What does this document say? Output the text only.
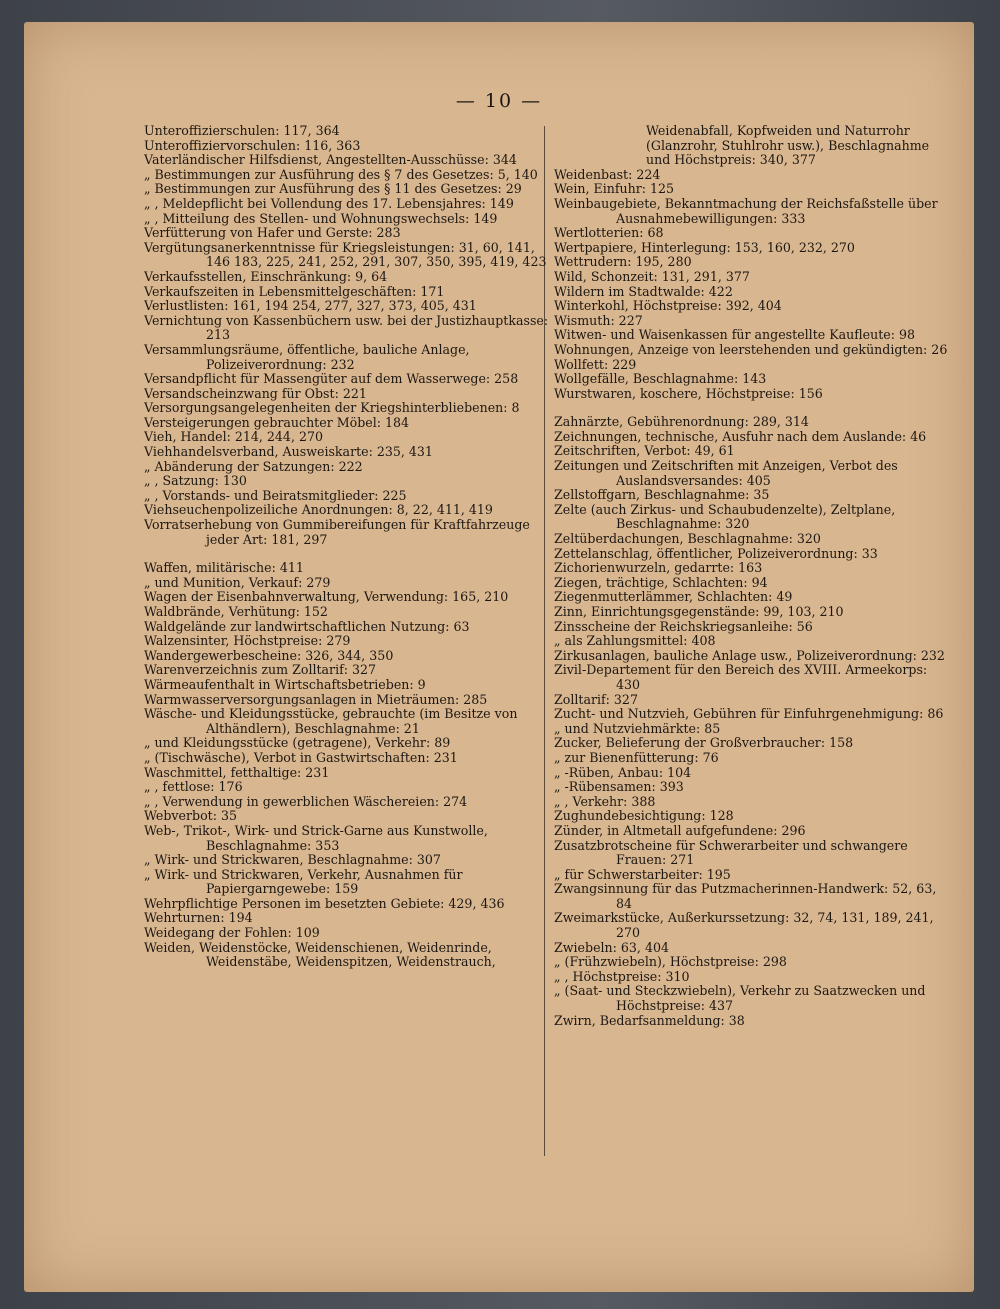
— 10 —

Unteroffizierschulen: 117, 364

Unteroffiziervorschulen: 116, 363

Vaterländischer Hilfsdienst, Angestellten-Ausschüsse: 344

„ Bestimmungen zur Ausführung des § 7 des Gesetzes: 5, 140

„ Bestimmungen zur Ausführung des § 11 des Gesetzes: 29

„ , Meldepflicht bei Vollendung des 17. Lebensjahres: 149

„ , Mitteilung des Stellen- und Wohnungswechsels: 149

Verfütterung von Hafer und Gerste: 283

Vergütungsanerkenntnisse für Kriegsleistungen: 31, 60, 141, 146 183, 225, 241, 252, 291, 307, 350, 395, 419, 423

Verkaufsstellen, Einschränkung: 9, 64

Verkaufszeiten in Lebensmittelgeschäften: 171

Verlustlisten: 161, 194 254, 277, 327, 373, 405, 431

Vernichtung von Kassenbüchern usw. bei der Justizhauptkasse: 213

Versammlungsräume, öffentliche, bauliche Anlage, Polizeiverordnung: 232

Versandpflicht für Massengüter auf dem Wasserwege: 258

Versandscheinzwang für Obst: 221

Versorgungsangelegenheiten der Kriegshinterbliebenen: 8

Versteigerungen gebrauchter Möbel: 184

Vieh, Handel: 214, 244, 270

Viehhandelsverband, Ausweiskarte: 235, 431

„ Abänderung der Satzungen: 222

„ , Satzung: 130

„ , Vorstands- und Beiratsmitglieder: 225

Viehseuchenpolizeiliche Anordnungen: 8, 22, 411, 419

Vorratserhebung von Gummibereifungen für Kraftfahrzeuge jeder Art: 181, 297

Waffen, militärische: 411

„ und Munition, Verkauf: 279

Wagen der Eisenbahnverwaltung, Verwendung: 165, 210

Waldbrände, Verhütung: 152

Waldgelände zur landwirtschaftlichen Nutzung: 63

Walzensinter, Höchstpreise: 279

Wandergewerbescheine: 326, 344, 350

Warenverzeichnis zum Zolltarif: 327

Wärmeaufenthalt in Wirtschaftsbetrieben: 9

Warmwasserversorgungsanlagen in Mieträumen: 285

Wäsche- und Kleidungsstücke, gebrauchte (im Besitze von Althändlern), Beschlagnahme: 21

„ und Kleidungsstücke (getragene), Verkehr: 89

„ (Tischwäsche), Verbot in Gastwirtschaften: 231

Waschmittel, fetthaltige: 231

„ , fettlose: 176

„ , Verwendung in gewerblichen Wäschereien: 274

Webverbot: 35

Web-, Trikot-, Wirk- und Strick-Garne aus Kunstwolle, Beschlagnahme: 353

„ Wirk- und Strickwaren, Beschlagnahme: 307

„ Wirk- und Strickwaren, Verkehr, Ausnahmen für Papiergarngewebe: 159

Wehrpflichtige Personen im besetzten Gebiete: 429, 436

Wehrturnen: 194

Weidegang der Fohlen: 109

Weiden, Weidenstöcke, Weidenschienen, Weidenrinde, Weidenstäbe, Weidenspitzen, Weidenstrauch,

Weidenabfall, Kopfweiden und Naturrohr (Glanzrohr, Stuhlrohr usw.), Beschlagnahme und Höchstpreis: 340, 377

Weidenbast: 224

Wein, Einfuhr: 125

Weinbaugebiete, Bekanntmachung der Reichsfaßstelle über Ausnahmebewilligungen: 333

Wertlotterien: 68

Wertpapiere, Hinterlegung: 153, 160, 232, 270

Wettrudern: 195, 280

Wild, Schonzeit: 131, 291, 377

Wildern im Stadtwalde: 422

Winterkohl, Höchstpreise: 392, 404

Wismuth: 227

Witwen- und Waisenkassen für angestellte Kaufleute: 98

Wohnungen, Anzeige von leerstehenden und gekündigten: 26

Wollfett: 229

Wollgefälle, Beschlagnahme: 143

Wurstwaren, koschere, Höchstpreise: 156

Zahnärzte, Gebührenordnung: 289, 314

Zeichnungen, technische, Ausfuhr nach dem Auslande: 46

Zeitschriften, Verbot: 49, 61

Zeitungen und Zeitschriften mit Anzeigen, Verbot des Auslandsversandes: 405

Zellstoffgarn, Beschlagnahme: 35

Zelte (auch Zirkus- und Schaubudenzelte), Zeltplane, Beschlagnahme: 320

Zeltüberdachungen, Beschlagnahme: 320

Zettelanschlag, öffentlicher, Polizeiverordnung: 33

Zichorienwurzeln, gedarrte: 163

Ziegen, trächtige, Schlachten: 94

Ziegenmutterlämmer, Schlachten: 49

Zinn, Einrichtungsgegenstände: 99, 103, 210

Zinsscheine der Reichskriegsanleihe: 56

„ als Zahlungsmittel: 408

Zirkusanlagen, bauliche Anlage usw., Polizeiverordnung: 232

Zivil-Departement für den Bereich des XVIII. Armeekorps: 430

Zolltarif: 327

Zucht- und Nutzvieh, Gebühren für Einfuhrgenehmigung: 86

„ und Nutzviehmärkte: 85

Zucker, Belieferung der Großverbraucher: 158

„ zur Bienenfütterung: 76

„ -Rüben, Anbau: 104

„ -Rübensamen: 393

„ , Verkehr: 388

Zughundebesichtigung: 128

Zünder, in Altmetall aufgefundene: 296

Zusatzbrotscheine für Schwerarbeiter und schwangere Frauen: 271

„ für Schwerstarbeiter: 195

Zwangsinnung für das Putzmacherinnen-Handwerk: 52, 63, 84

Zweimarkstücke, Außerkurssetzung: 32, 74, 131, 189, 241, 270

Zwiebeln: 63, 404

„ (Frühzwiebeln), Höchstpreise: 298

„ , Höchstpreise: 310

„ (Saat- und Steckzwiebeln), Verkehr zu Saatzwecken und Höchstpreise: 437

Zwirn, Bedarfsanmeldung: 38
